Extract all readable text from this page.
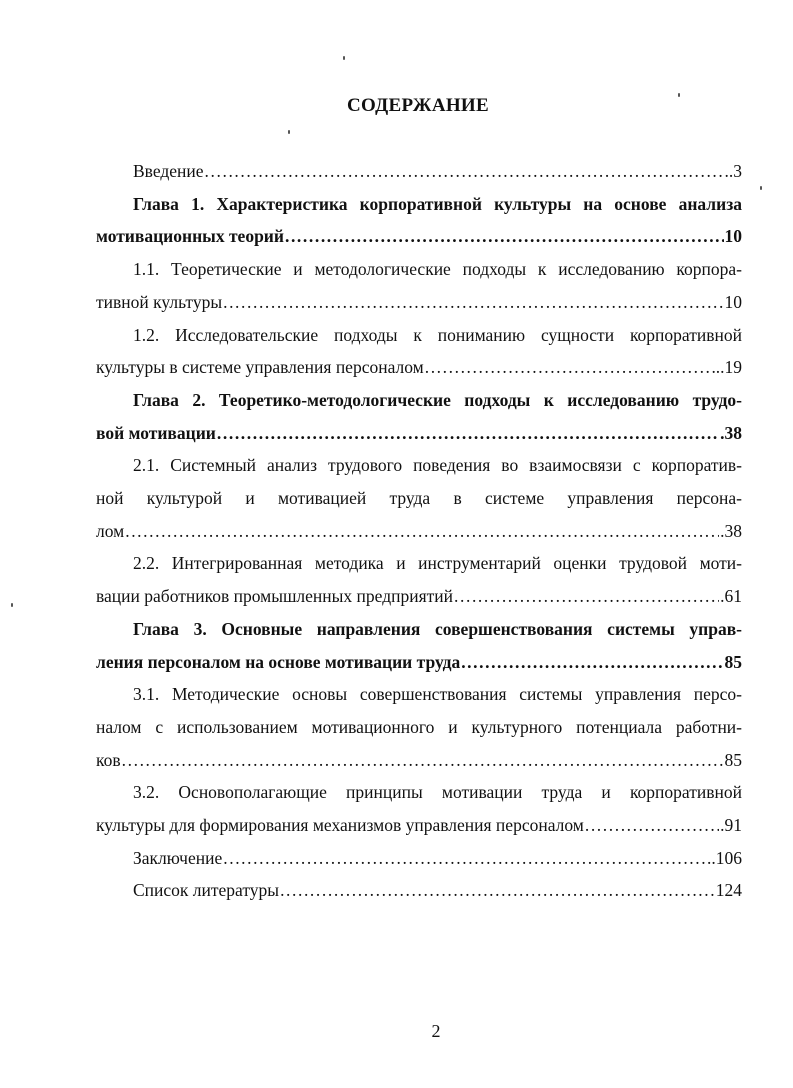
СОДЕРЖАНИЕ
Введение .....	..3

Глава 1. Характеристика корпоративной культуры на основе анализа

мотивационных теорий .....	10

1.1. Теоретические и методологические подходы к исследованию корпора-

тивной культуры .....	10

1.2. Исследовательские подходы к пониманию сущности корпоративной

культуры в системе управления персоналом .....	..19

Глава 2. Теоретико-методологические подходы к исследованию трудо-

вой мотивации .....	.38

2.1. Системный анализ трудового поведения во взаимосвязи с корпоратив-

ной культурой и мотивацией труда в системе управления персона-

лом .....	.38

2.2. Интегрированная методика и инструментарий оценки трудовой моти-

вации работников промышленных предприятий .....	.61

Глава 3. Основные направления совершенствования системы управ-

ления персоналом на основе мотивации труда .....	85

3.1. Методические основы совершенствования системы управления персо-

налом с использованием мотивационного и культурного потенциала работни-

ков .....	85

3.2. Основополагающие принципы мотивации труда и корпоративной

культуры для формирования механизмов управления персоналом .....	.91
Заключение .....	..106
Список литературы .....	124
2
